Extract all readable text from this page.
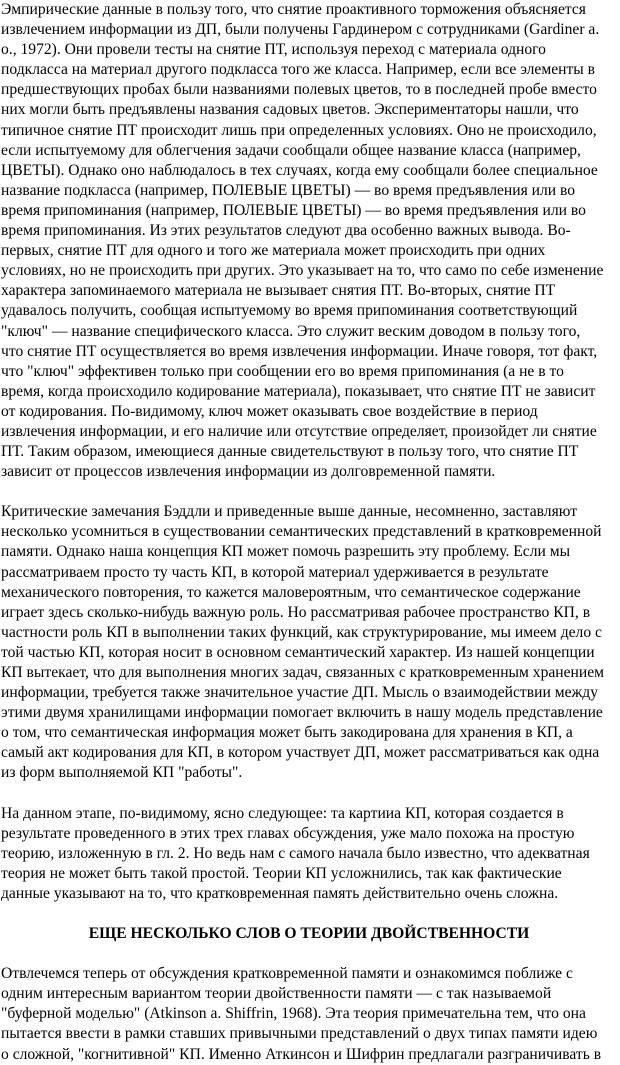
Эмпирические данные в пользу того, что снятие проактивного торможения объясняется
извлечением информации из ДП, были получены Гардинером с сотрудниками (Gardiner a.
o., 1972). Они провели тесты на снятие ПТ, используя переход с материала одного
подкласса на материал другого подкласса того же класса. Например, если все элементы в
предшествующих пробах были названиями полевых цветов, то в последней пробе вместо
них могли быть предъявлены названия садовых цветов. Экспериментаторы нашли, что
типичное снятие ПТ происходит лишь при определенных условиях. Оно не происходило,
если испытуемому для облегчения задачи сообщали общее название класса (например,
ЦВЕТЫ). Однако оно наблюдалось в тех случаях, когда ему сообщали более специальное
название подкласса (например, ПОЛЕВЫЕ ЦВЕТЫ) — во время предъявления или во
время припоминания (например, ПОЛЕВЫЕ ЦВЕТЫ) — во время предъявления или во
время припоминания. Из этих результатов следуют два особенно важных вывода. Во-
первых, снятие ПТ для одного и того же материала может происходить при одних
условиях, но не происходить при других. Это указывает на то, что само по себе изменение
характера запоминаемого материала не вызывает снятия ПТ. Во-вторых, снятие ПТ
удавалось получить, сообщая испытуемому во время припоминания соответствующий
"ключ" — название специфического класса. Это служит веским доводом в пользу того,
что снятие ПТ осуществляется во время извлечения информации. Иначе говоря, тот факт,
что "ключ" эффективен только при сообщении его во время припоминания (а не в то
время, когда происходило кодирование материала), показывает, что снятие ПТ не зависит
от кодирования. По-видимому, ключ может оказывать свое воздействие в период
извлечения информации, и его наличие или отсутствие определяет, произойдет ли снятие
ПТ. Таким образом, имеющиеся данные свидетельствуют в пользу того, что снятие ПТ
зависит от процессов извлечения информации из долговременной памяти.

Критические замечания Бэддли и приведенные выше данные, несомненно, заставляют
несколько усомниться в существовании семантических представлений в кратковременной
памяти. Однако наша концепция КП может помочь разрешить эту проблему. Если мы
рассматриваем просто ту часть КП, в которой материал удерживается в результате
механического повторения, то кажется маловероятным, что семантическое содержание
играет здесь сколько-нибудь важную роль. Но рассматривая рабочее пространство КП, в
частности роль КП в выполнении таких функций, как структурирование, мы имеем дело с
той частью КП, которая носит в основном семантический характер. Из нашей концепции
КП вытекает, что для выполнения многих задач, связанных с кратковременным хранением
информации, требуется также значительное участие ДП. Мысль о взаимодействии между
этими двумя хранилищами информации помогает включить в нашу модель представление
о том, что семантическая информация может быть закодирована для хранения в КП, а
самый акт кодирования для КП, в котором участвует ДП, может рассматриваться как одна
из форм выполняемой КП "работы".

На данном этапе, по-видимому, ясно следующее: та картииа КП, которая создается в
результате проведенного в этих трех главах обсуждения, уже мало похожа на простую
теорию, изложенную в гл. 2. Но ведь нам с самого начала было известно, что адекватная
теория не может быть такой простой. Теории КП усложнились, так как фактические
данные указывают на то, что кратковременная память действительно очень сложна.

ЕЩЕ НЕСКОЛЬКО СЛОВ О ТЕОРИИ ДВОЙСТВЕННОСТИ

Отвлечемся теперь от обсуждения кратковременной памяти и ознакомимся поближе с
одним интересным вариантом теории двойственности памяти — с так называемой
"буферной моделью" (Atkinson a. Shiffrin, 1968). Эта теория примечательна тем, что она
пытается ввести в рамки ставших привычными представлений о двух типах памяти идею
о сложной, "когнитивной" КП. Именно Аткинсон и Шифрин предлагали разграничивать в
